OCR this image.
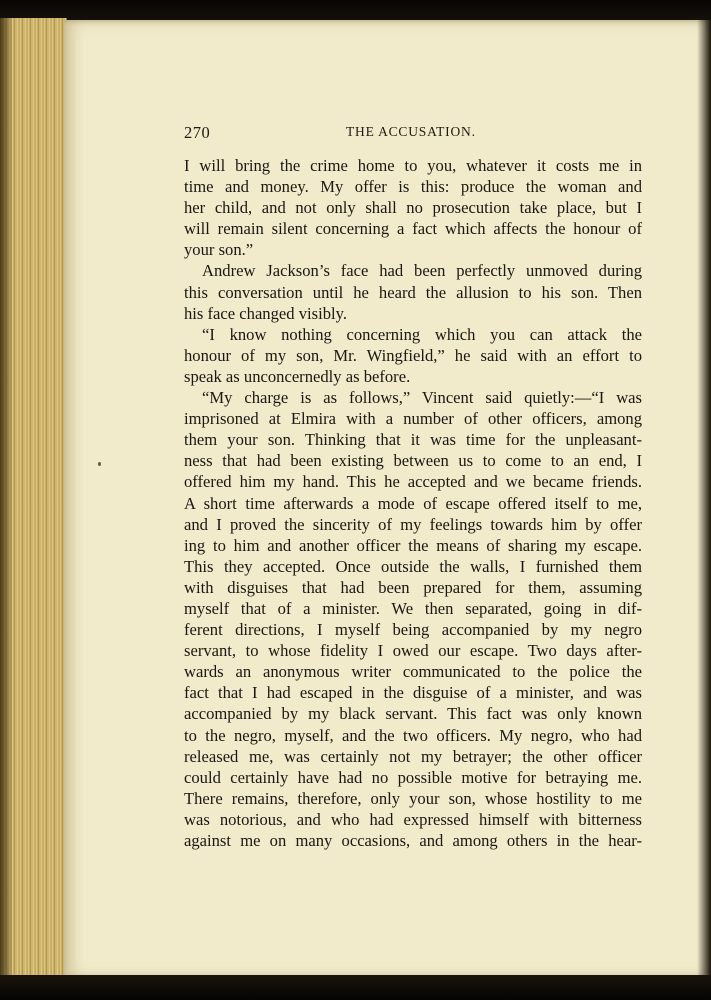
270	THE ACCUSATION.
I will bring the crime home to you, whatever it costs me in
time and money. My offer is this: produce the woman and
her child, and not only shall no prosecution take place, but I
will remain silent concerning a fact which affects the honour of
your son.”
Andrew Jackson’s face had been perfectly unmoved during
this conversation until he heard the allusion to his son. Then
his face changed visibly.
“I know nothing concerning which you can attack the
honour of my son, Mr. Wingfield,” he said with an effort to
speak as unconcernedly as before.
“My charge is as follows,” Vincent said quietly:—“I was
imprisoned at Elmira with a number of other officers, among
them your son. Thinking that it was time for the unpleasant-
ness that had been existing between us to come to an end, I
offered him my hand. This he accepted and we became friends.
A short time afterwards a mode of escape offered itself to me,
and I proved the sincerity of my feelings towards him by offer
ing to him and another officer the means of sharing my escape.
This they accepted. Once outside the walls, I furnished them
with disguises that had been prepared for them, assuming
myself that of a minister. We then separated, going in dif-
ferent directions, I myself being accompanied by my negro
servant, to whose fidelity I owed our escape. Two days after-
wards an anonymous writer communicated to the police the
fact that I had escaped in the disguise of a minister, and was
accompanied by my black servant. This fact was only known
to the negro, myself, and the two officers. My negro, who had
released me, was certainly not my betrayer; the other officer
could certainly have had no possible motive for betraying me.
There remains, therefore, only your son, whose hostility to me
was notorious, and who had expressed himself with bitterness
against me on many occasions, and among others in the hear-
